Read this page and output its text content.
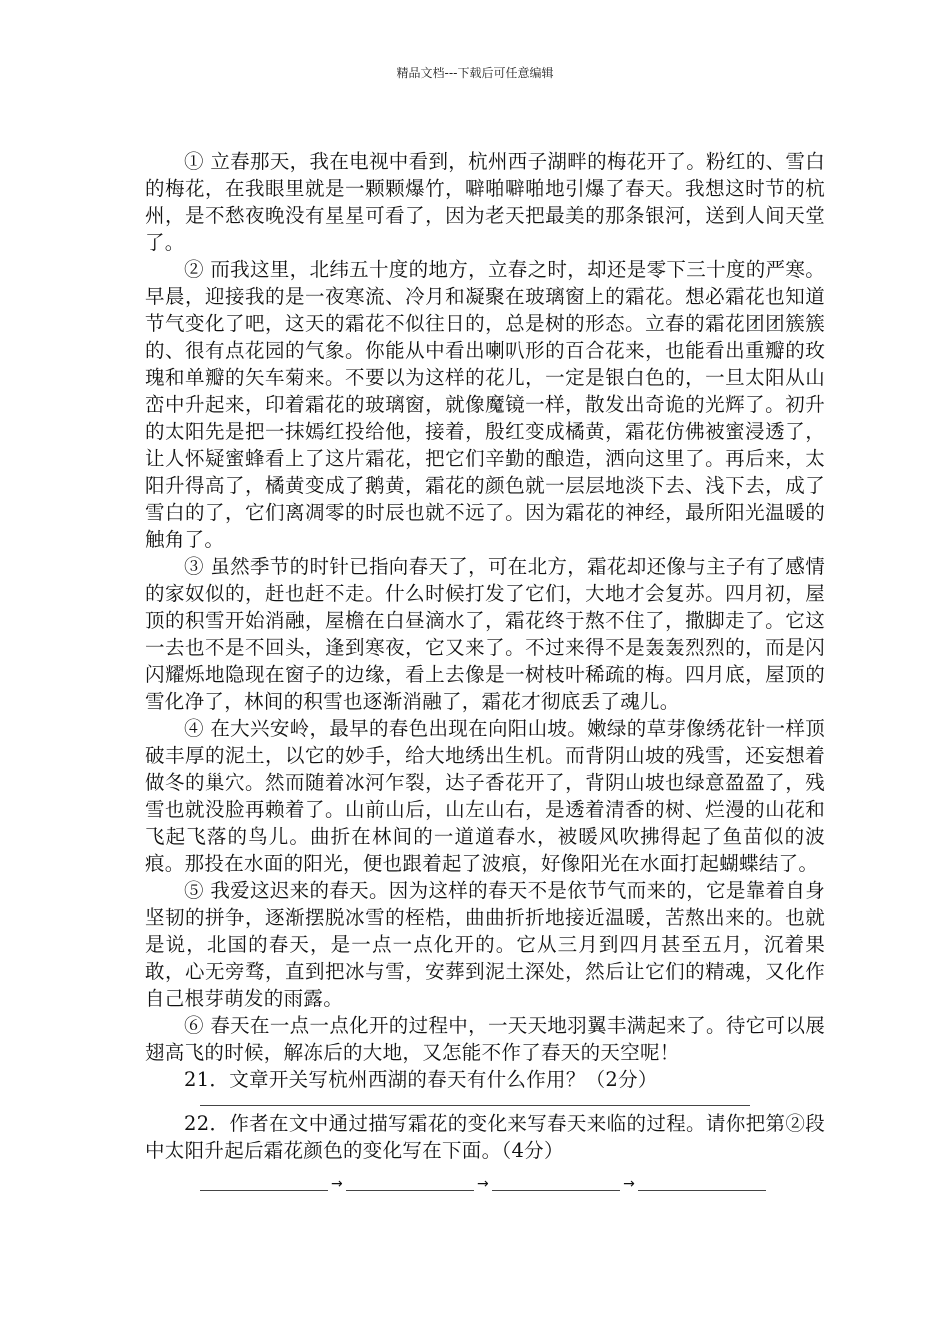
精品文档---下载后可任意编辑

① 立春那天，我在电视中看到，杭州西子湖畔的梅花开了。粉红的、雪白的梅花，在我眼里就是一颗颗爆竹，噼啪噼啪地引爆了春天。我想这时节的杭州，是不愁夜晚没有星星可看了，因为老天把最美的那条银河，送到人间天堂了。

② 而我这里，北纬五十度的地方，立春之时，却还是零下三十度的严寒。早晨，迎接我的是一夜寒流、冷月和凝聚在玻璃窗上的霜花。想必霜花也知道节气变化了吧，这天的霜花不似往日的，总是树的形态。立春的霜花团团簇簇的、很有点花园的气象。你能从中看出喇叭形的百合花来，也能看出重瓣的玫瑰和单瓣的矢车菊来。不要以为这样的花儿，一定是银白色的，一旦太阳从山峦中升起来，印着霜花的玻璃窗，就像魔镜一样，散发出奇诡的光辉了。初升的太阳先是把一抹嫣红投给他，接着，殷红变成橘黄，霜花仿佛被蜜浸透了，让人怀疑蜜蜂看上了这片霜花，把它们辛勤的酿造，洒向这里了。再后来，太阳升得高了，橘黄变成了鹅黄，霜花的颜色就一层层地淡下去、浅下去，成了雪白的了，它们离凋零的时辰也就不远了。因为霜花的神经，最所阳光温暖的触角了。

③ 虽然季节的时针已指向春天了，可在北方，霜花却还像与主子有了感情的家奴似的，赶也赶不走。什么时候打发了它们，大地才会复苏。四月初，屋顶的积雪开始消融，屋檐在白昼滴水了，霜花终于熬不住了，撒脚走了。它这一去也不是不回头，逢到寒夜，它又来了。不过来得不是轰轰烈烈的，而是闪闪耀烁地隐现在窗子的边缘，看上去像是一树枝叶稀疏的梅。四月底，屋顶的雪化净了，林间的积雪也逐渐消融了，霜花才彻底丢了魂儿。

④ 在大兴安岭，最早的春色出现在向阳山坡。嫩绿的草芽像绣花针一样顶破丰厚的泥土，以它的妙手，给大地绣出生机。而背阴山坡的残雪，还妄想着做冬的巢穴。然而随着冰河乍裂，达子香花开了，背阴山坡也绿意盈盈了，残雪也就没脸再赖着了。山前山后，山左山右，是透着清香的树、烂漫的山花和飞起飞落的鸟儿。曲折在林间的一道道春水，被暖风吹拂得起了鱼苗似的波痕。那投在水面的阳光，便也跟着起了波痕，好像阳光在水面打起蝴蝶结了。

⑤ 我爱这迟来的春天。因为这样的春天不是依节气而来的，它是靠着自身坚韧的拼争，逐渐摆脱冰雪的桎梏，曲曲折折地接近温暖，苦熬出来的。也就是说，北国的春天，是一点一点化开的。它从三月到四月甚至五月，沉着果敢，心无旁骛，直到把冰与雪，安葬到泥土深处，然后让它们的精魂，又化作自己根芽萌发的雨露。

⑥ 春天在一点一点化开的过程中，一天天地羽翼丰满起来了。待它可以展翅高飞的时候，解冻后的大地，又怎能不作了春天的天空呢！

21．文章开关写杭州西湖的春天有什么作用？（2分）

22．作者在文中通过描写霜花的变化来写春天来临的过程。请你把第②段中太阳升起后霜花颜色的变化写在下面。（4分）

→	→	→
